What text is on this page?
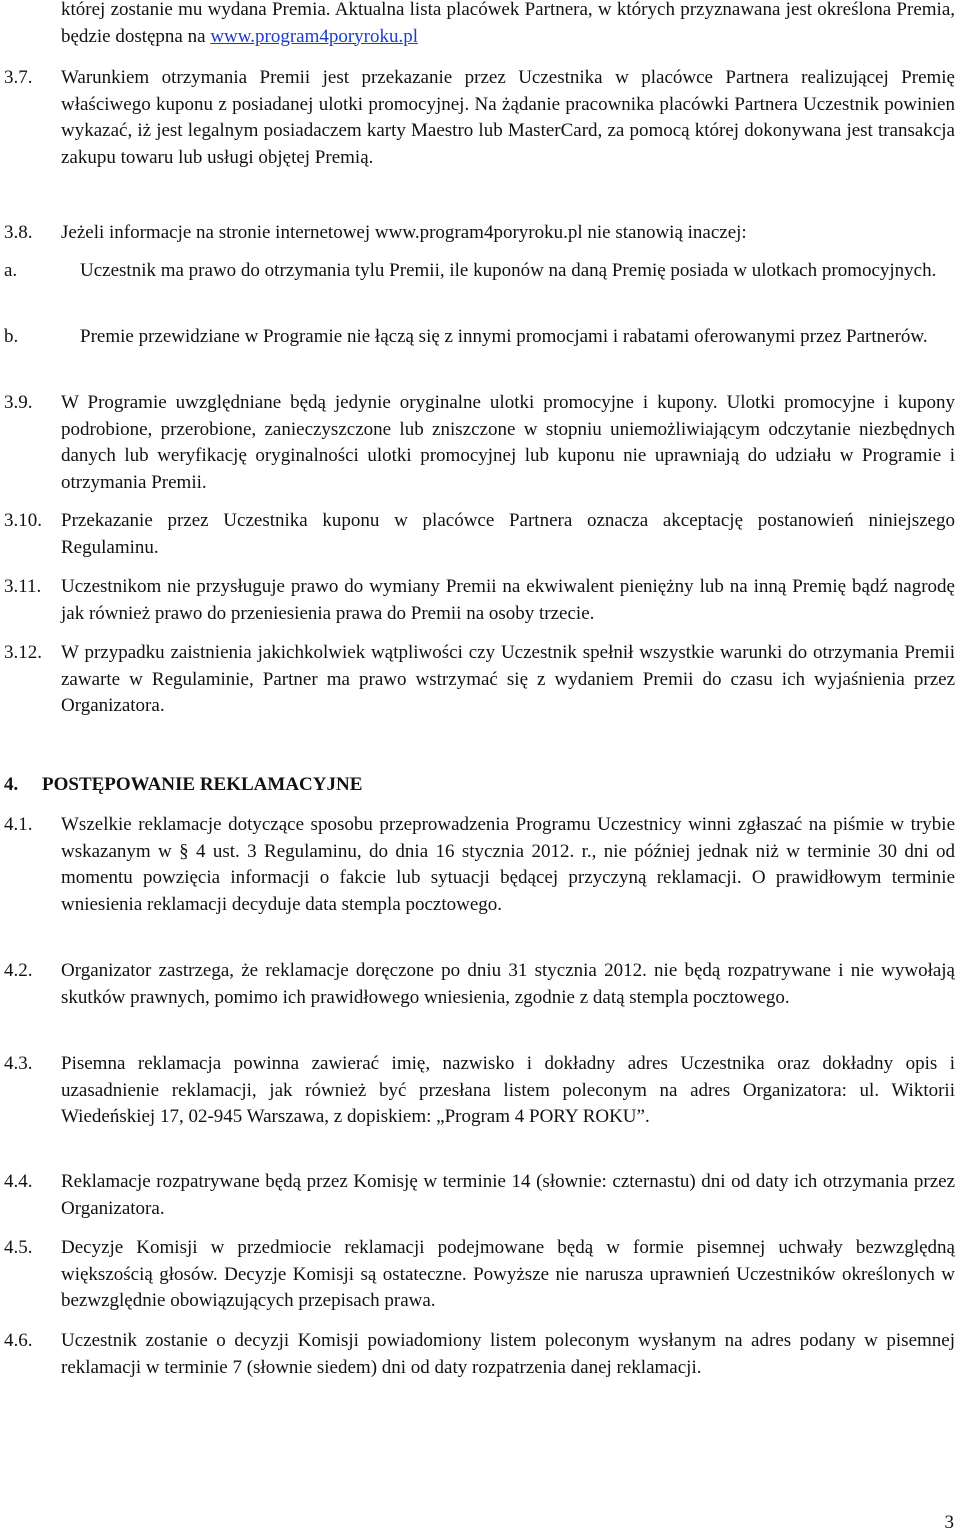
której zostanie mu wydana Premia. Aktualna lista placówek Partnera, w których przyznawana jest określona Premia, będzie dostępna na www.program4poryroku.pl

3.7. Warunkiem otrzymania Premii jest przekazanie przez Uczestnika w placówce Partnera realizującej Premię właściwego kuponu z posiadanej ulotki promocyjnej. Na żądanie pracownika placówki Partnera Uczestnik powinien wykazać, iż jest legalnym posiadaczem karty Maestro lub MasterCard, za pomocą której dokonywana jest transakcja zakupu towaru lub usługi objętej Premią.

3.8. Jeżeli informacje na stronie internetowej www.program4poryroku.pl nie stanowią inaczej:

a.	Uczestnik ma prawo do otrzymania tylu Premii, ile kuponów na daną Premię posiada w ulotkach promocyjnych.

b.	Premie przewidziane w Programie nie łączą się z innymi promocjami i rabatami oferowanymi przez Partnerów.

3.9. W Programie uwzględniane będą jedynie oryginalne ulotki promocyjne i kupony. Ulotki promocyjne i kupony podrobione, przerobione, zanieczyszczone lub zniszczone w stopniu uniemożliwiającym odczytanie niezbędnych danych lub weryfikację oryginalności ulotki promocyjnej lub kuponu nie uprawniają do udziału w Programie i otrzymania Premii.

3.10. Przekazanie przez Uczestnika kuponu w placówce Partnera oznacza akceptację postanowień niniejszego Regulaminu.

3.11. Uczestnikom nie przysługuje prawo do wymiany Premii na ekwiwalent pieniężny lub na inną Premię bądź nagrodę jak również prawo do przeniesienia prawa do Premii na osoby trzecie.

3.12. W przypadku zaistnienia jakichkolwiek wątpliwości czy Uczestnik spełnił wszystkie warunki do otrzymania Premii zawarte w Regulaminie, Partner ma prawo wstrzymać się z wydaniem Premii do czasu ich wyjaśnienia przez Organizatora.

4. POSTĘPOWANIE REKLAMACYJNE

4.1. Wszelkie reklamacje dotyczące sposobu przeprowadzenia Programu Uczestnicy winni zgłaszać na piśmie w trybie wskazanym w § 4 ust. 3 Regulaminu, do dnia 16 stycznia 2012. r., nie później jednak niż w terminie 30 dni od momentu powzięcia informacji o fakcie lub sytuacji będącej przyczyną reklamacji. O prawidłowym terminie wniesienia reklamacji decyduje data stempla pocztowego.

4.2. Organizator zastrzega, że reklamacje doręczone po dniu 31 stycznia 2012. nie będą rozpatrywane i nie wywołają skutków prawnych, pomimo ich prawidłowego wniesienia, zgodnie z datą stempla pocztowego.

4.3. Pisemna reklamacja powinna zawierać imię, nazwisko i dokładny adres Uczestnika oraz dokładny opis i uzasadnienie reklamacji, jak również być przesłana listem poleconym na adres Organizatora: ul. Wiktorii Wiedeńskiej 17, 02-945 Warszawa, z dopiskiem: „Program 4 PORY ROKU”.

4.4. Reklamacje rozpatrywane będą przez Komisję w terminie 14 (słownie: czternastu) dni od daty ich otrzymania przez Organizatora.

4.5. Decyzje Komisji w przedmiocie reklamacji podejmowane będą w formie pisemnej uchwały bezwzględną większością głosów. Decyzje Komisji są ostateczne. Powyższe nie narusza uprawnień Uczestników określonych w bezwzględnie obowiązujących przepisach prawa.

4.6. Uczestnik zostanie o decyzji Komisji powiadomiony listem poleconym wysłanym na adres podany w pisemnej reklamacji w terminie 7 (słownie siedem) dni od daty rozpatrzenia danej reklamacji.

3
